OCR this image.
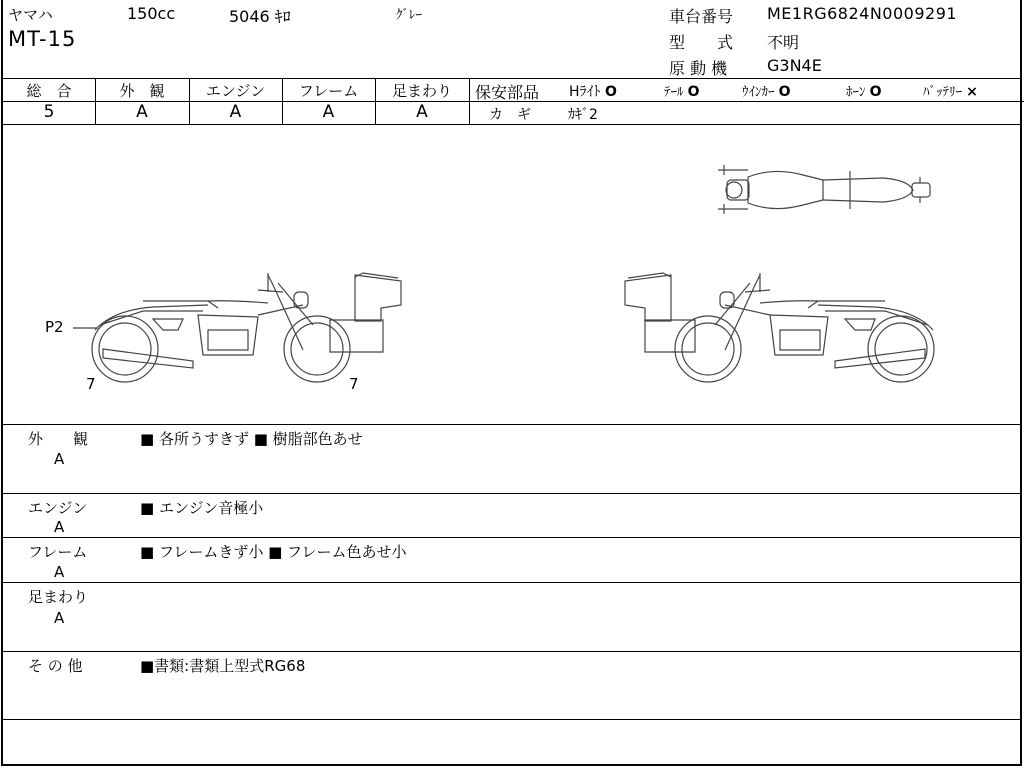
ヤマハ	150cc	5046 ｷﾛ	ｸﾞﾚｰ
MT-15
車台番号 ME1RG6824N0009291
型　　式 不明
原 動 機 G3N4E
総　合	外　観	エンジン	フレーム	足まわり
5	A	A	A	A
保安部品 Hﾗｲﾄ O	ﾃｰﾙ O	ｳｲﾝｶｰ O	ﾎｰﾝ O	ﾊﾞｯﾃﾘｰ ×
カ　ギ	ｶｷﾞ2
P2
7	7
外　　観
A
■ 各所うすきず ■ 樹脂部色あせ
エンジン
A
■ エンジン音極小
フレーム
A
■ フレームきず小 ■ フレーム色あせ小
足まわり
A
そ の 他	■書類:書類上型式RG68
